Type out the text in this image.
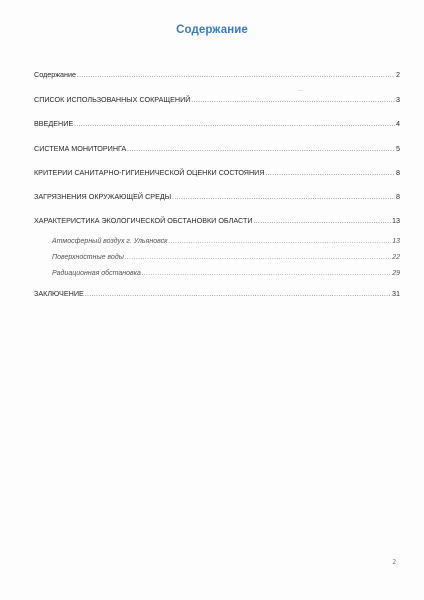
Содержание
—
Содержание .....	2
СПИСОК ИСПОЛЬЗОВАННЫХ СОКРАЩЕНИЙ .....	3
ВВЕДЕНИЕ .....	4
СИСТЕМА МОНИТОРИНГА .....	5
КРИТЕРИИ САНИТАРНО-ГИГИЕНИЧЕСКОЙ ОЦЕНКИ СОСТОЯНИЯ .....	8
ЗАГРЯЗНЕНИЯ ОКРУЖАЮЩЕЙ СРЕДЫ .....	8
ХАРАКТЕРИСТИКА ЭКОЛОГИЧЕСКОЙ ОБСТАНОВКИ ОБЛАСТИ .....	13
Атмосферный воздух г. Ульяновск .....	13
Поверхностные воды .....	22
Радиационная обстановка .....	29
ЗАКЛЮЧЕНИЕ .....	31
2
